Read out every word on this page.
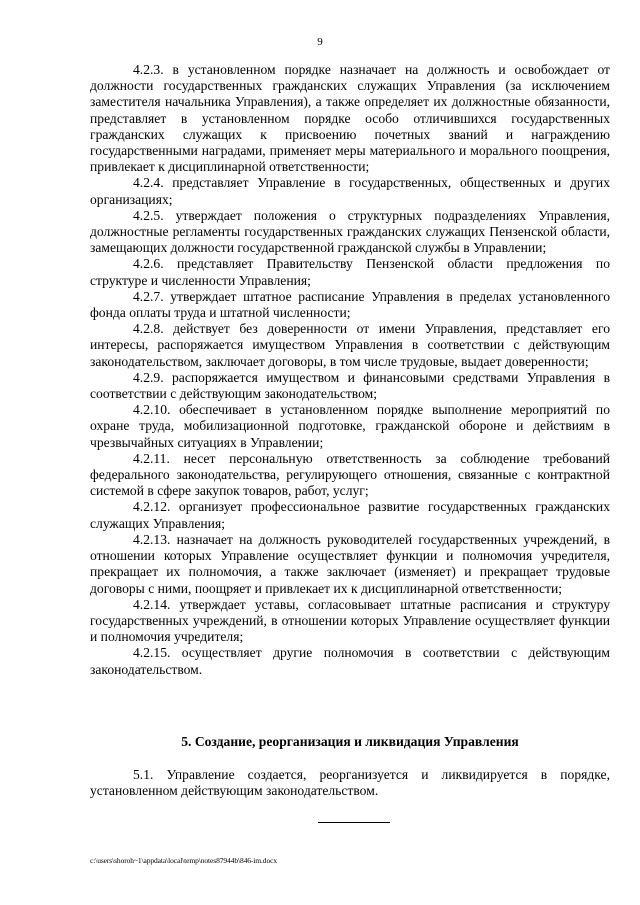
9

4.2.3. в установленном порядке назначает на должность и освобождает от должности государственных гражданских служащих Управления (за исключением заместителя начальника Управления), а также определяет их должностные обязанности, представляет в установленном порядке особо отличившихся государственных гражданских служащих к присвоению почетных званий и награждению государственными наградами, применяет меры материального и морального поощрения, привлекает к дисциплинарной ответственности;

4.2.4. представляет Управление в государственных, общественных и других организациях;

4.2.5. утверждает положения о структурных подразделениях Управления, должностные регламенты государственных гражданских служащих Пензенской области, замещающих должности государственной гражданской службы в Управлении;

4.2.6. представляет Правительству Пензенской области предложения по структуре и численности Управления;

4.2.7. утверждает штатное расписание Управления в пределах установленного фонда оплаты труда и штатной численности;

4.2.8. действует без доверенности от имени Управления, представляет его интересы, распоряжается имуществом Управления в соответствии с действующим законодательством, заключает договоры, в том числе трудовые, выдает доверенности;

4.2.9. распоряжается имуществом и финансовыми средствами Управления в соответствии с действующим законодательством;

4.2.10. обеспечивает в установленном порядке выполнение мероприятий по охране труда, мобилизационной подготовке, гражданской обороне и действиям в чрезвычайных ситуациях в Управлении;

4.2.11. несет персональную ответственность за соблюдение требований федерального законодательства, регулирующего отношения, связанные с контрактной системой в сфере закупок товаров, работ, услуг;

4.2.12. организует профессиональное развитие государственных гражданских служащих Управления;

4.2.13. назначает на должность руководителей государственных учреждений, в отношении которых Управление осуществляет функции и полномочия учредителя, прекращает их полномочия, а также заключает (изменяет) и прекращает трудовые договоры с ними, поощряет и привлекает их к дисциплинарной ответственности;

4.2.14. утверждает уставы, согласовывает штатные расписания и структуру государственных учреждений, в отношении которых Управление осуществляет функции и полномочия учредителя;

4.2.15. осуществляет другие полномочия в соответствии с действующим законодательством.

5. Создание, реорганизация и ликвидация Управления

5.1. Управление создается, реорганизуется и ликвидируется в порядке, установленном действующим законодательством.

c:\users\shoroh~1\appdata\local\temp\notes87944b\846-im.docx
